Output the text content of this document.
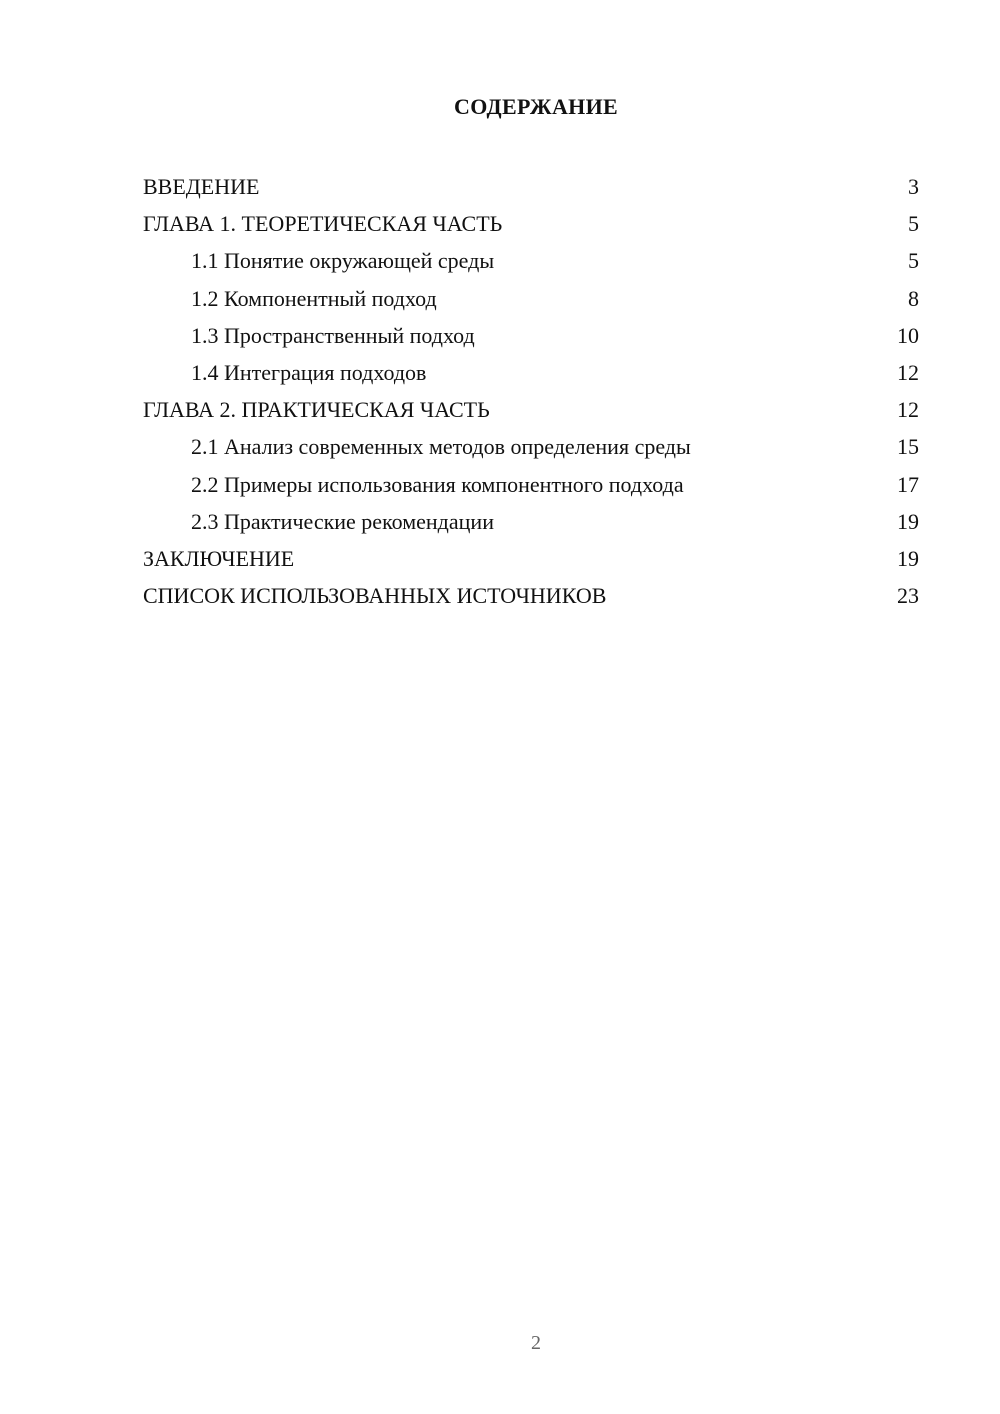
СОДЕРЖАНИЕ
ВВЕДЕНИЕ	3
ГЛАВА 1. ТЕОРЕТИЧЕСКАЯ ЧАСТЬ	5
1.1 Понятие окружающей среды	5
1.2 Компонентный подход	8
1.3 Пространственный подход	10
1.4 Интеграция подходов	12
ГЛАВА 2. ПРАКТИЧЕСКАЯ ЧАСТЬ	12
2.1 Анализ современных методов определения среды	15
2.2 Примеры использования компонентного подхода	17
2.3 Практические рекомендации	19
ЗАКЛЮЧЕНИЕ	19
СПИСОК ИСПОЛЬЗОВАННЫХ ИСТОЧНИКОВ	23
2
